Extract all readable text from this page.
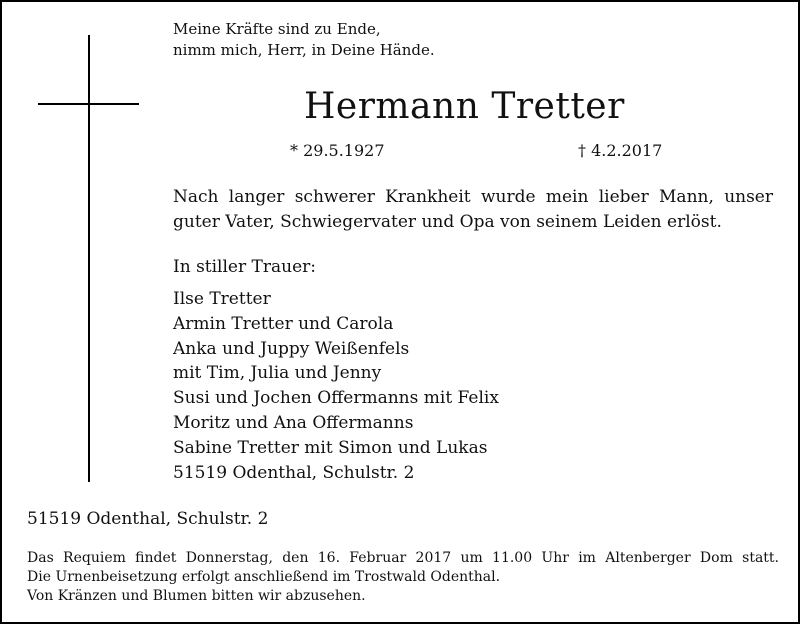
Meine Kräfte sind zu Ende,
nimm mich, Herr, in Deine Hände.
Hermann Tretter
* 29.5.1927	† 4.2.2017

Nach langer schwerer Krankheit wurde mein lieber Mann, unser guter Vater, Schwiegervater und Opa von seinem Leiden erlöst.

In stiller Trauer:
Ilse Tretter
Armin Tretter und Carola
Anka und Juppy Weißenfels
mit Tim, Julia und Jenny
Susi und Jochen Offermanns mit Felix
Moritz und Ana Offermanns
Sabine Tretter mit Simon und Lukas
51519 Odenthal, Schulstr. 2
51519 Odenthal, Schulstr. 2
Das Requiem findet Donnerstag, den 16. Februar 2017 um 11.00 Uhr im Altenberger Dom statt.
Die Urnenbeisetzung erfolgt anschließend im Trostwald Odenthal.
Von Kränzen und Blumen bitten wir abzusehen.
